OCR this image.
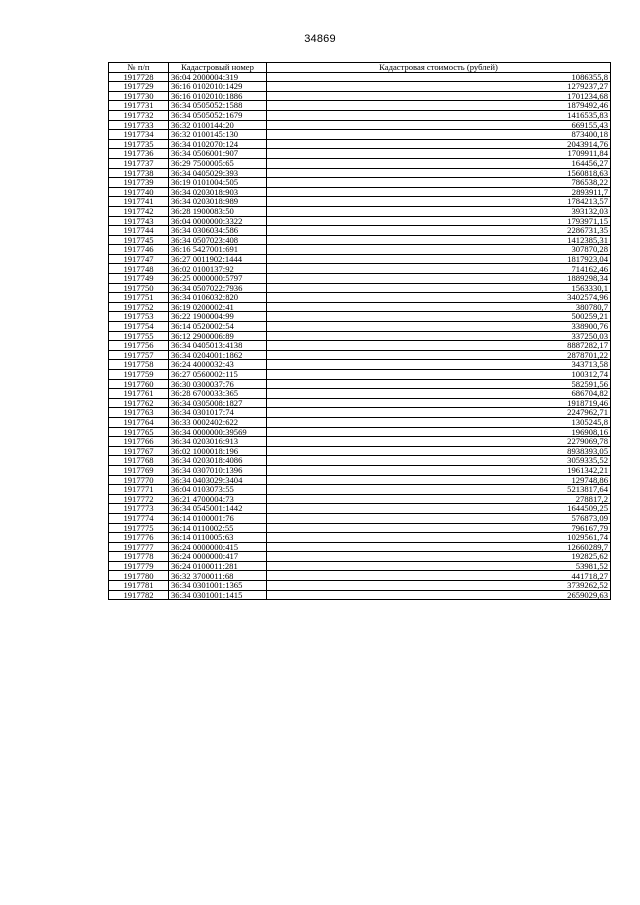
34869
№ п/п	Кадастровый номер	Кадастровая стоимость (рублей)
1917728	36:04 2000004:319	1086355,8
1917729	36:16 0102010:1429	1279237,27
1917730	36:16 0102010:1886	1701234,68
1917731	36:34 0505052:1588	1879492,46
1917732	36:34 0505052:1679	1416535,83
1917733	36:32 0100144:20	669155,43
1917734	36:32 0100145:130	873400,18
1917735	36:34 0102070:124	2043914,76
1917736	36:34 0506001:907	1709911,84
1917737	36:29 7500005:65	164456,27
1917738	36:34 0405029:393	1560818,63
1917739	36:19 0101004:505	786538,22
1917740	36:34 0203018:903	2893911,7
1917741	36:34 0203018:989	1784213,57
1917742	36:28 1900083:50	393132,03
1917743	36:04 0000000:3322	1793971,15
1917744	36:34 0306034:586	2286731,35
1917745	36:34 0507023:408	1412385,31
1917746	36:16 5427001:691	307870,28
1917747	36:27 0011902:1444	1817923,04
1917748	36:02 0100137:92	714162,46
1917749	36:25 0000000:5797	1889298,34
1917750	36:34 0507022:7936	1563330,1
1917751	36:34 0106032:820	3402574,96
1917752	36:19 0200002:41	380780,7
1917753	36:22 1900004:99	500259,21
1917754	36:14 0520002:54	338900,76
1917755	36:12 2900006:89	337250,03
1917756	36:34 0405013:4138	8887282,17
1917757	36:34 0204001:1862	2878701,22
1917758	36:24 4000032:43	343713,58
1917759	36:27 0560002:115	100312,74
1917760	36:30 0300037:76	582591,56
1917761	36:28 6700033:365	686704,82
1917762	36:34 0305008:1827	1918719,46
1917763	36:34 0301017:74	2247962,71
1917764	36:33 0002402:622	1305245,8
1917765	36:34 0000000:39569	196908,16
1917766	36:34 0203016:913	2279069,78
1917767	36:02 1000018:196	8938393,05
1917768	36:34 0203018:4086	3059335,52
1917769	36:34 0307010:1396	1961342,21
1917770	36:34 0403029:3404	129748,86
1917771	36:04 0103073:55	5213817,64
1917772	36:21 4700004:73	278817,2
1917773	36:34 0545001:1442	1644509,25
1917774	36:14 0100001:76	576873,09
1917775	36:14 0110002:55	796167,79
1917776	36:14 0110005:63	1029561,74
1917777	36:24 0000000:415	12660289,7
1917778	36:24 0000000:417	192825,62
1917779	36:24 0100011:281	53981,52
1917780	36:32 3700011:68	441718,27
1917781	36:34 0301001:1365	3739262,52
1917782	36:34 0301001:1415	2659029,63
